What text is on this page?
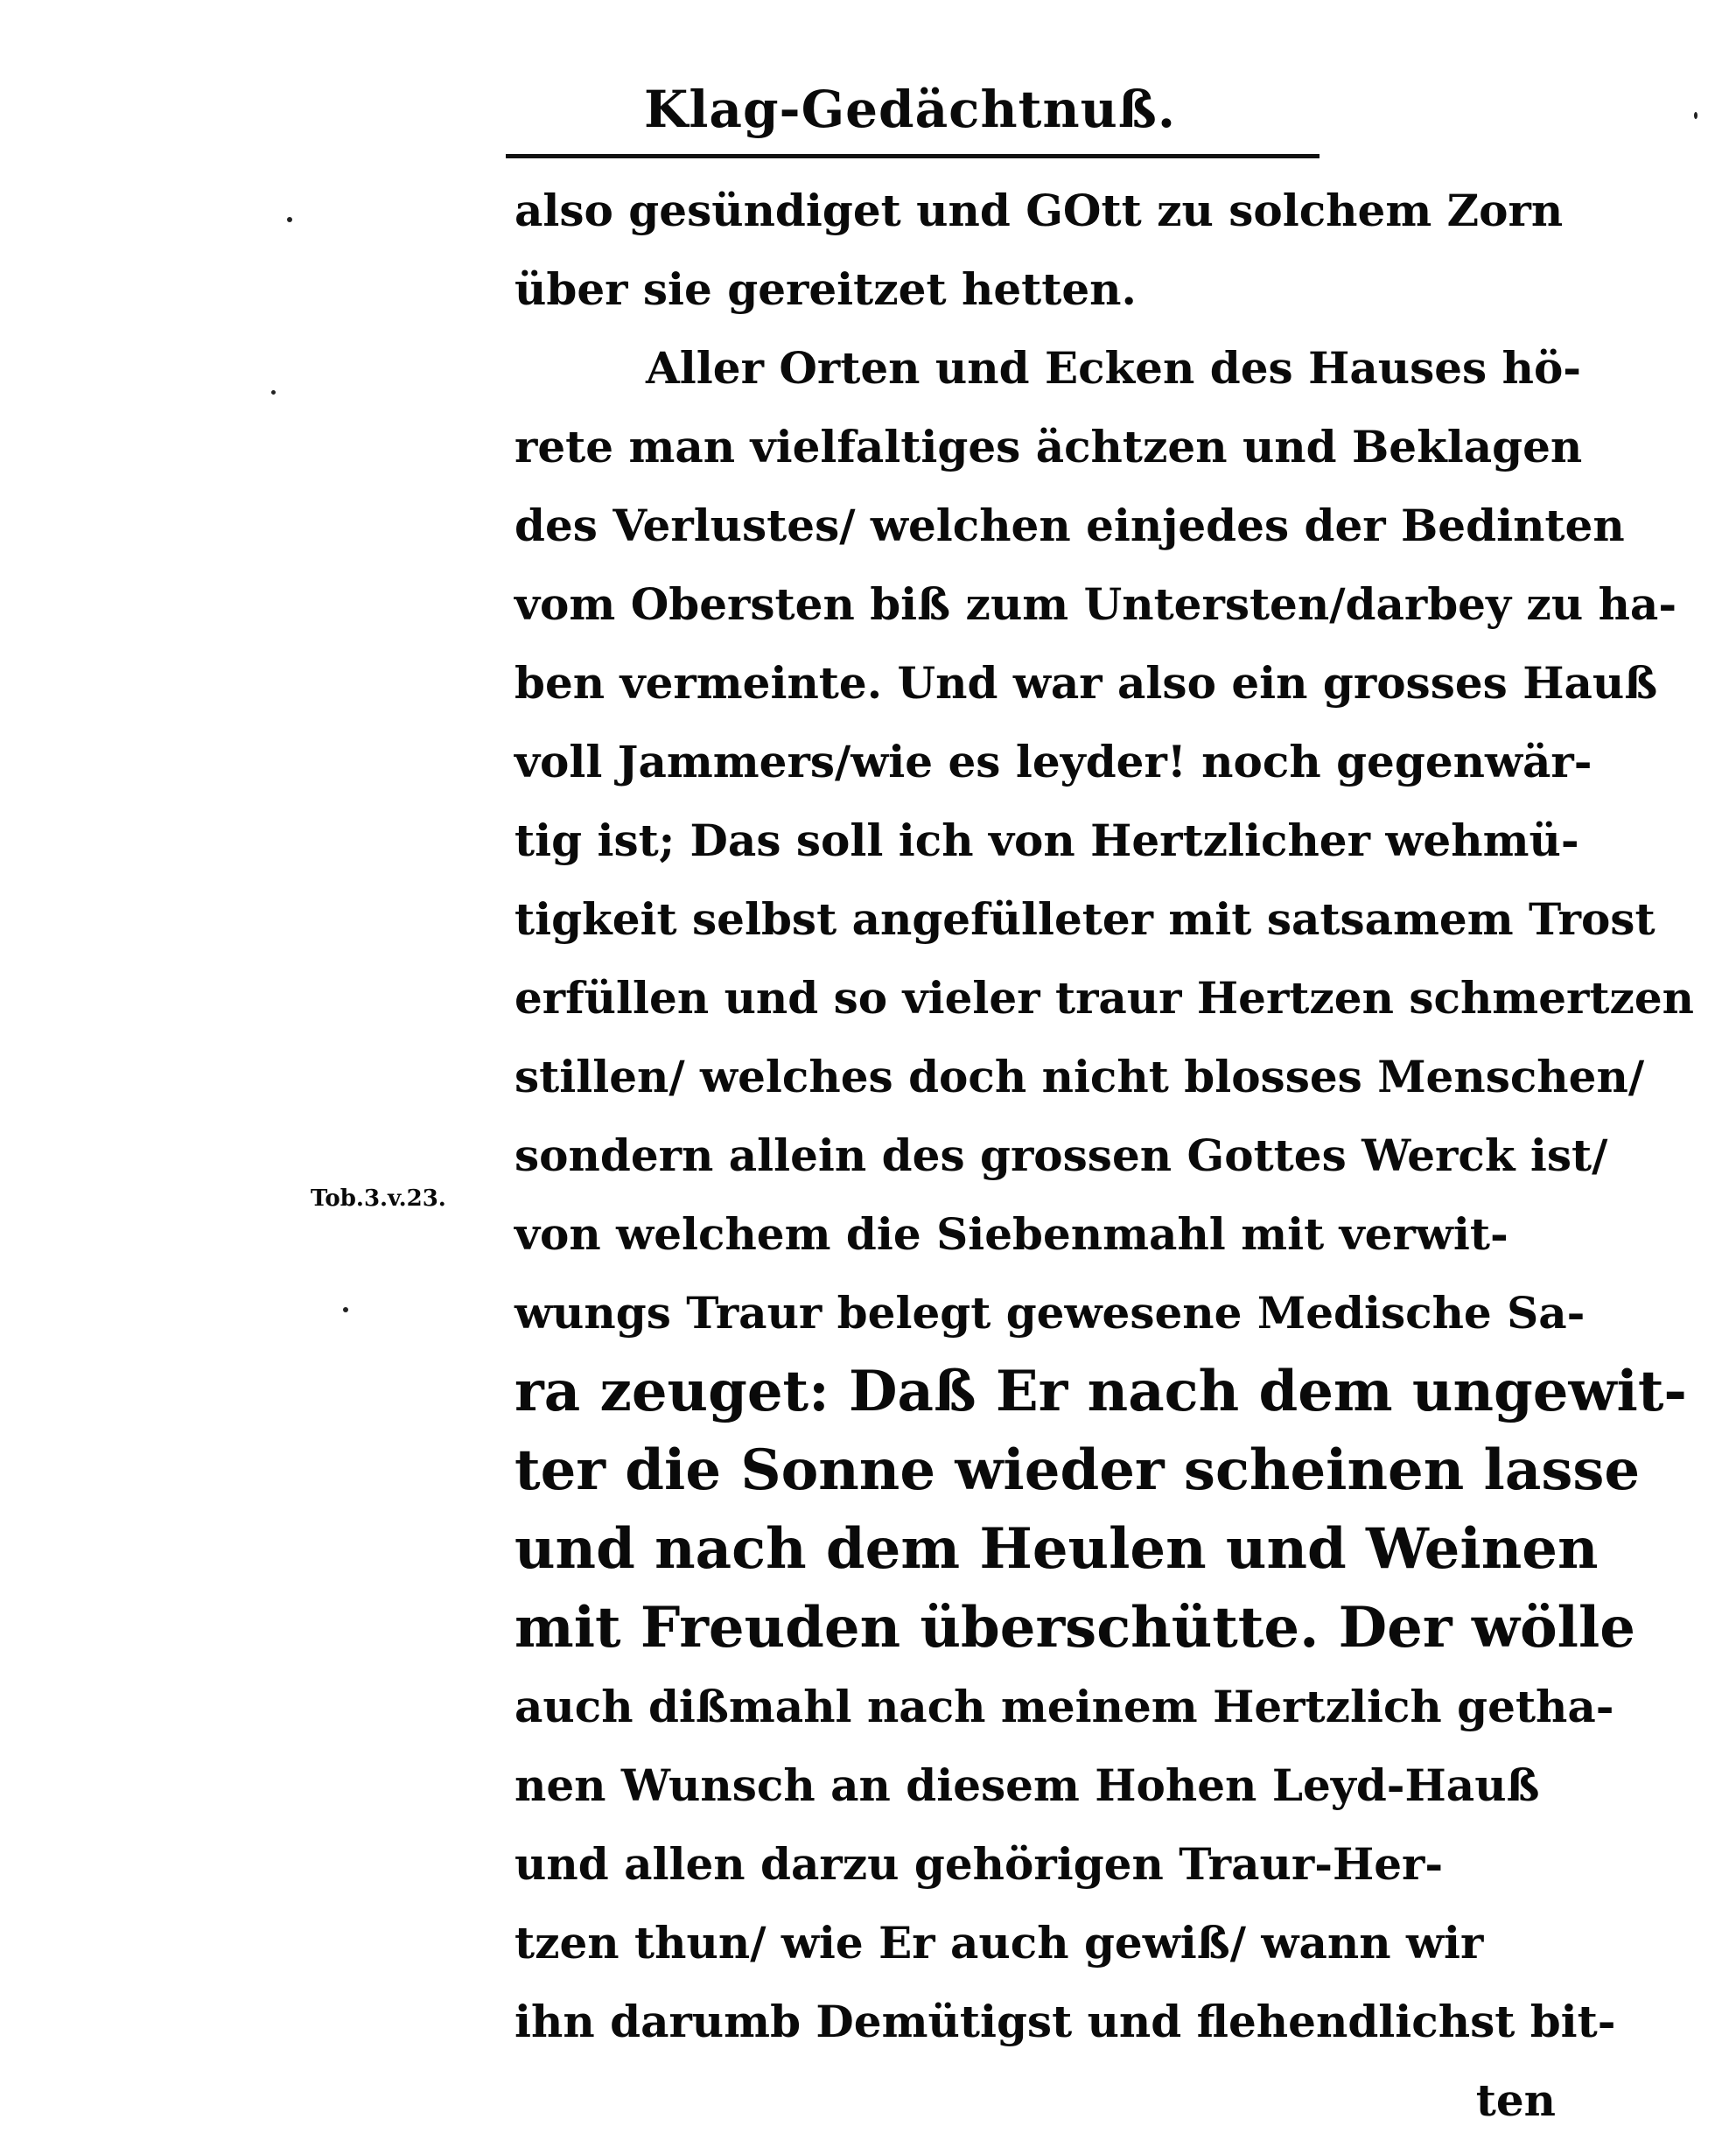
Klag-Gedächtnuß.
also gesündiget und GOtt zu solchem Zorn
über sie gereitzet hetten.
Aller Orten und Ecken des Hauses hö-
rete man vielfaltiges ächtzen und Beklagen
des Verlustes/ welchen einjedes der Bedinten
vom Obersten biß zum Untersten/darbey zu ha-
ben vermeinte. Und war also ein grosses Hauß
voll Jammers/wie es leyder! noch gegenwär-
tig ist; Das soll ich von Hertzlicher wehmü-
tigkeit selbst angefülleter mit satsamem Trost
erfüllen und so vieler traur Hertzen schmertzen
stillen/ welches doch nicht blosses Menschen/
sondern allein des grossen Gottes Werck ist/
von welchem die Siebenmahl mit verwit-
wungs Traur belegt gewesene Medische Sa-
ra zeuget: Daß Er nach dem ungewit-
ter die Sonne wieder scheinen lasse
und nach dem Heulen und Weinen
mit Freuden überschütte. Der wölle
auch dißmahl nach meinem Hertzlich getha-
nen Wunsch an diesem Hohen Leyd-Hauß
und allen darzu gehörigen Traur-Her-
tzen thun/ wie Er auch gewiß/ wann wir
ihn darumb Demütigst und flehendlichst bit-
ten
Tob.3.v.23.
